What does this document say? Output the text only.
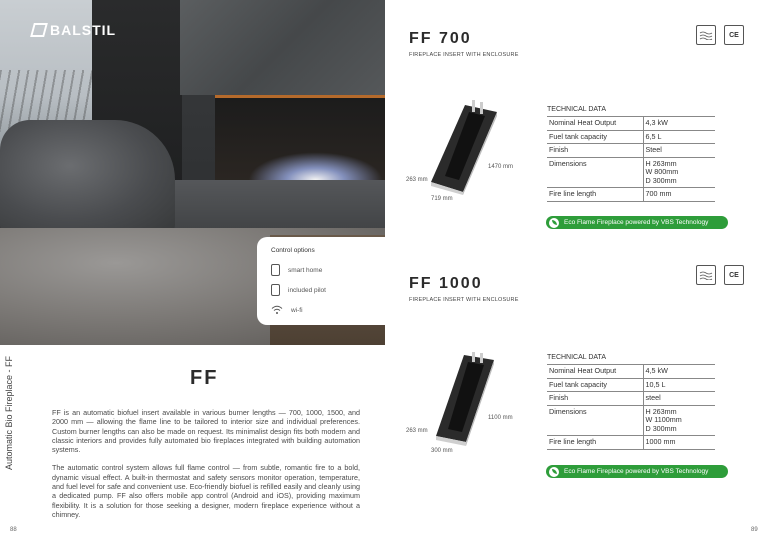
BALSTIL
Control options
smart home
included pilot
wi-fi
FF

FF is an automatic biofuel insert available in various burner lengths — 700, 1000, 1500, and 2000 mm — allowing the flame line to be tailored to interior size and individual preferences. Custom burner lengths can also be made on request. Its minimalist design fits both modern and classic interiors and provides fully automated bio fireplaces integrated with building automation systems.

The automatic control system allows full flame control — from subtle, romantic fire to a bold, dynamic visual effect. A built-in thermostat and safety sensors monitor operation, temperature, and fuel level for safe and convenient use. Eco-friendly biofuel is refilled easily and cleanly using a dedicated pump. FF also offers mobile app control (Android and iOS), providing maximum flexibility. It is a solution for those seeking a designer, modern fireplace experience without a chimney.

Automatic Bio Fireplace - FF
88
FF 700
FIREPLACE INSERT WITH ENCLOSURE
CE
1470 mm
263 mm
719 mm
TECHNICAL DATA
Nominal Heat Output	4,3 kW
Fuel tank capacity	6,5 L
Finish	Steel
Dimensions	H 263mm
W 800mm
D 300mm
Fire line length	700 mm
Eco Flame Fireplace powered by VBS Technology
FF 1000
FIREPLACE INSERT WITH ENCLOSURE
CE
1100 mm
263 mm
300 mm
TECHNICAL DATA
Nominal Heat Output	4,5 kW
Fuel tank capacity	10,5 L
Finish	steel
Dimensions	H 263mm
W 1100mm
D 300mm
Fire line length	1000 mm
Eco Flame Fireplace powered by VBS Technology
89
